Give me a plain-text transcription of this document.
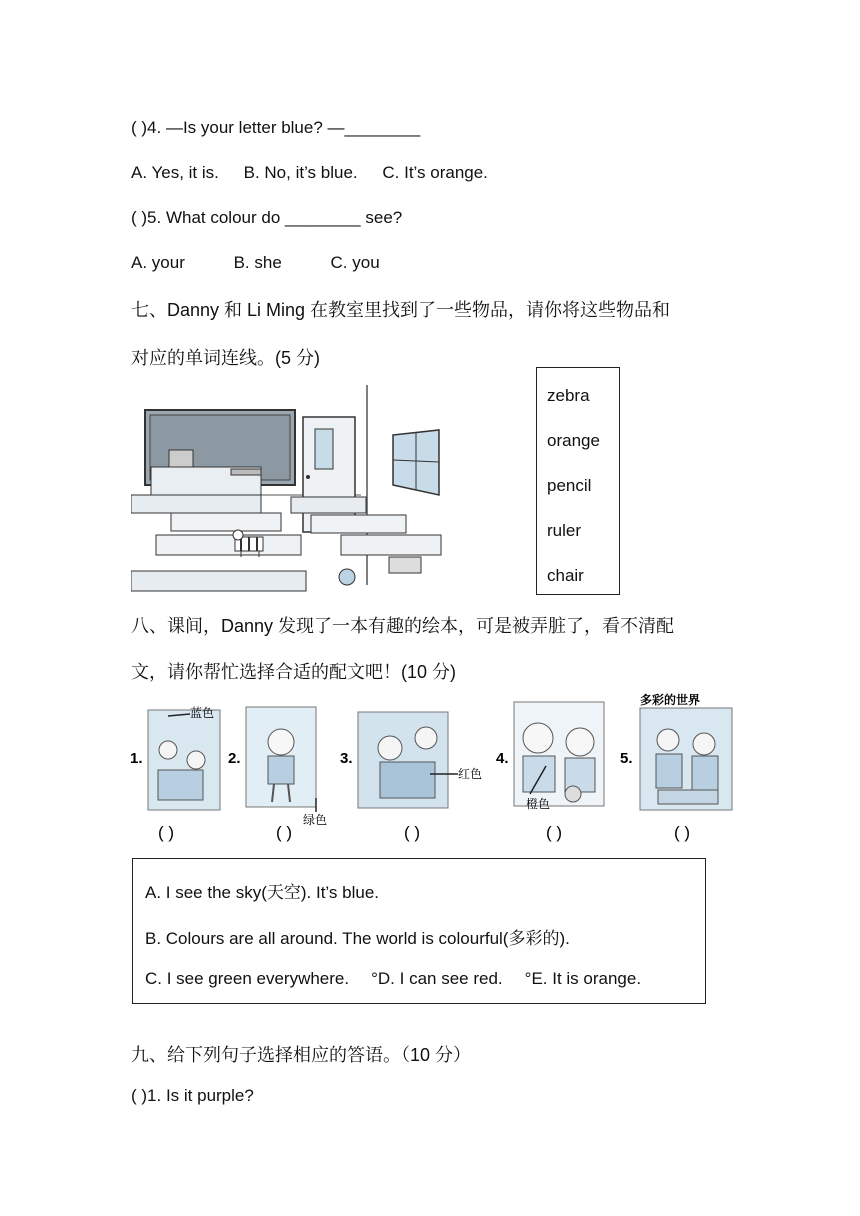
( )4. —Is your letter blue? —________
A. Yes, it is. B. No, it’s blue. C. It’s orange.
( )5. What colour do ________ see?
A. your	B. she	C. you
七、Danny 和 Li Ming 在教室里找到了一些物品，请你将这些物品和
对应的单词连线。(5 分)
zebra
orange
pencil
ruler
chair
八、课间，Danny 发现了一本有趣的绘本，可是被弄脏了，看不清配
文，请你帮忙选择合适的配文吧！(10 分)
1.
蓝色
2.
绿色
3.
红色
4.
橙色
5.
多彩的世界
( )	( )	( )	( )	( )
A. I see the sky(天空). It’s blue.
B. Colours are all around. The world is colourful(多彩的).
C. I see green everywhere. °D. I can see red. °E. It is orange.
九、给下列句子选择相应的答语。（10 分）
( )1. Is it purple?
